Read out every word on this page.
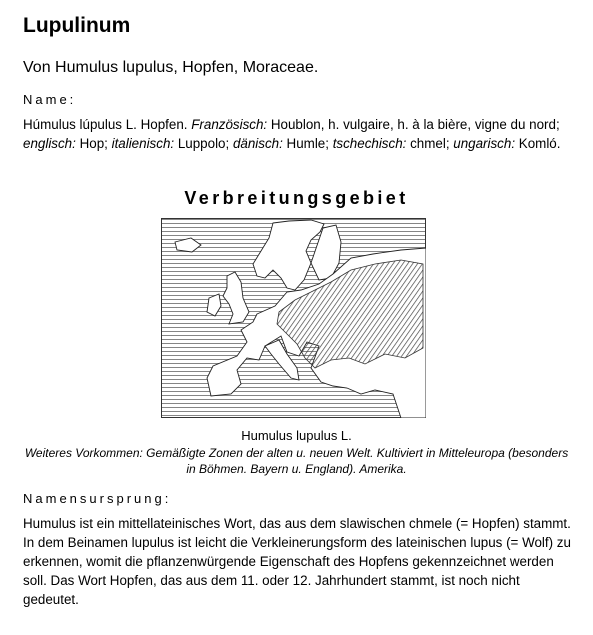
Lupulinum
Von Humulus lupulus, Hopfen, Moraceae.
Name:
Húmulus lúpulus L. Hopfen. Französisch: Houblon, h. vulgaire, h. à la bière, vigne du nord; englisch: Hop; italienisch: Luppolo; dänisch: Humle; tschechisch: chmel; ungarisch: Komló.
Verbreitungsgebiet
Humulus lupulus L.
Weiteres Vorkommen: Gemäßigte Zonen der alten u. neuen Welt. Kultiviert in Mitteleuropa (besonders in Böhmen. Bayern u. England). Amerika.
Namensursprung:
Humulus ist ein mittellateinisches Wort, das aus dem slawischen chmele (= Hopfen) stammt. In dem Beinamen lupulus ist leicht die Verkleinerungsform des lateinischen lupus (= Wolf) zu erkennen, womit die pflanzenwürgende Eigenschaft des Hopfens gekennzeichnet werden soll. Das Wort Hopfen, das aus dem 11. oder 12. Jahrhundert stammt, ist noch nicht gedeutet.
